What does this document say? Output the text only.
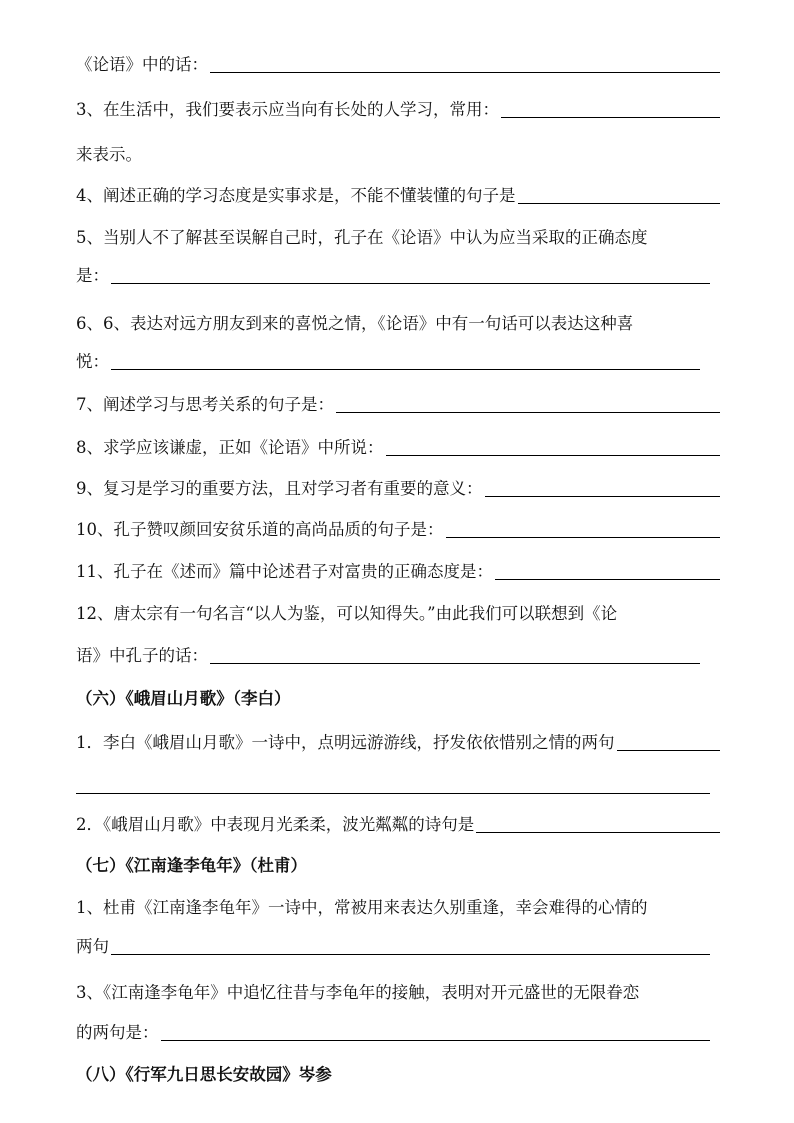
《论语》中的话：
3、在生活中，我们要表示应当向有长处的人学习，常用：
来表示。
4、阐述正确的学习态度是实事求是，不能不懂装懂的句子是
5、当别人不了解甚至误解自己时，孔子在《论语》中认为应当采取的正确态度
是：
6、6、表达对远方朋友到来的喜悦之情，《论语》中有一句话可以表达这种喜
悦：
7、阐述学习与思考关系的句子是：
8、求学应该谦虚，正如《论语》中所说：
9、复习是学习的重要方法，且对学习者有重要的意义：
10、孔子赞叹颜回安贫乐道的高尚品质的句子是：
11、孔子在《述而》篇中论述君子对富贵的正确态度是：
12、唐太宗有一句名言“以人为鉴，可以知得失。”由此我们可以联想到《论
语》中孔子的话：
（六）《峨眉山月歌》（李白）
1．李白《峨眉山月歌》一诗中，点明远游游线，抒发依依惜别之情的两句
2．《峨眉山月歌》中表现月光柔柔，波光粼粼的诗句是
（七）《江南逢李龟年》（杜甫）
1、杜甫《江南逢李龟年》一诗中，常被用来表达久别重逢，幸会难得的心情的
两句
3、《江南逢李龟年》中追忆往昔与李龟年的接触，表明对开元盛世的无限眷恋
的两句是：
（八）《行军九日思长安故园》岑参
